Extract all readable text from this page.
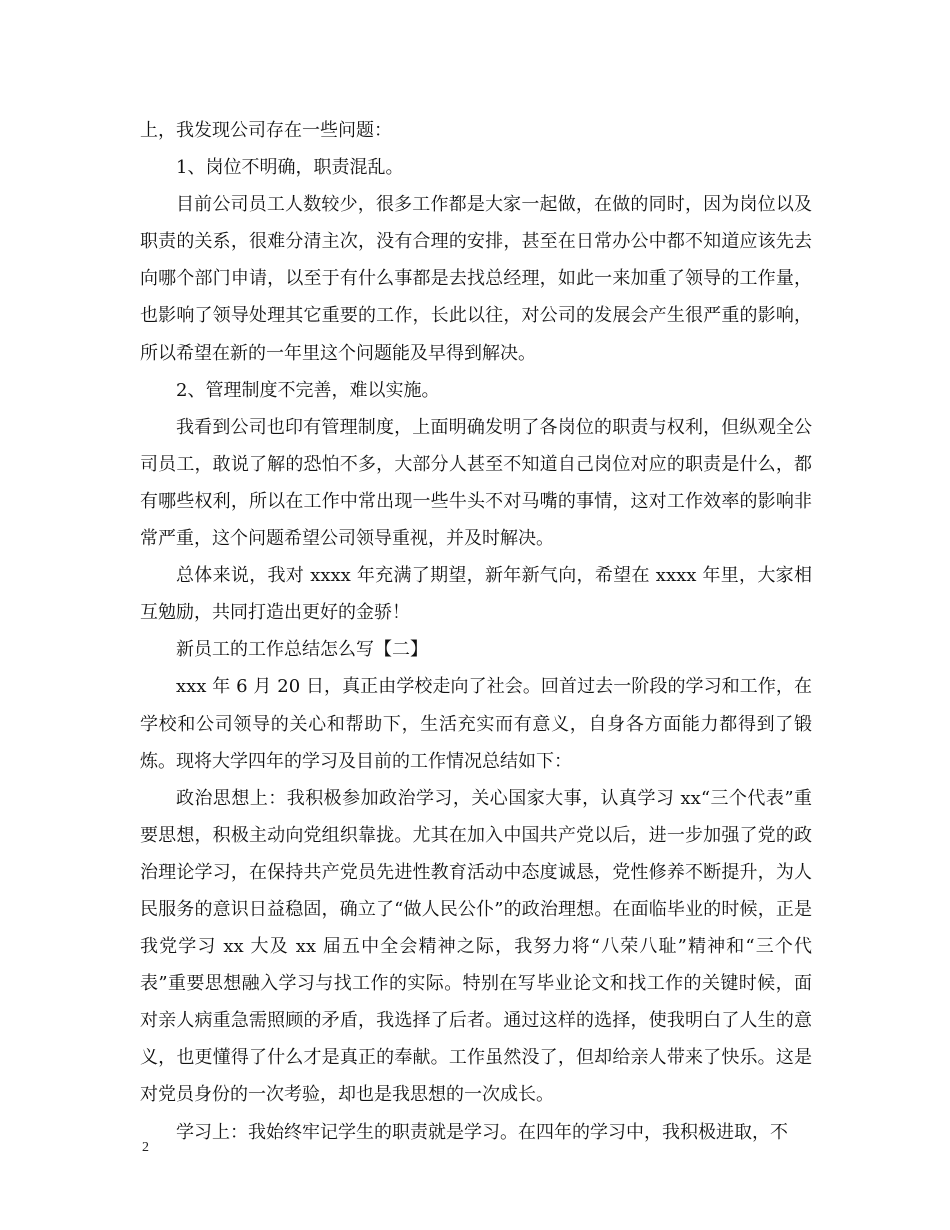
上，我发现公司存在一些问题：

1、岗位不明确，职责混乱。

目前公司员工人数较少，很多工作都是大家一起做，在做的同时，因为岗位以及职责的关系，很难分清主次，没有合理的安排，甚至在日常办公中都不知道应该先去向哪个部门申请，以至于有什么事都是去找总经理，如此一来加重了领导的工作量，也影响了领导处理其它重要的工作，长此以往，对公司的发展会产生很严重的影响，所以希望在新的一年里这个问题能及早得到解决。

2、管理制度不完善，难以实施。

我看到公司也印有管理制度，上面明确发明了各岗位的职责与权利，但纵观全公司员工，敢说了解的恐怕不多，大部分人甚至不知道自己岗位对应的职责是什么，都有哪些权利，所以在工作中常出现一些牛头不对马嘴的事情，这对工作效率的影响非常严重，这个问题希望公司领导重视，并及时解决。

总体来说，我对 xxxx 年充满了期望，新年新气向，希望在 xxxx 年里，大家相互勉励，共同打造出更好的金骄！

新员工的工作总结怎么写【二】

xxx 年 6 月 20 日，真正由学校走向了社会。回首过去一阶段的学习和工作，在学校和公司领导的关心和帮助下，生活充实而有意义，自身各方面能力都得到了锻炼。现将大学四年的学习及目前的工作情况总结如下：

政治思想上：我积极参加政治学习，关心国家大事，认真学习 xx“三个代表”重要思想，积极主动向党组织靠拢。尤其在加入中国共产党以后，进一步加强了党的政治理论学习，在保持共产党员先进性教育活动中态度诚恳，党性修养不断提升，为人民服务的意识日益稳固，确立了“做人民公仆”的政治理想。在面临毕业的时候，正是我党学习 xx 大及 xx 届五中全会精神之际，我努力将“八荣八耻”精神和“三个代表”重要思想融入学习与找工作的实际。特别在写毕业论文和找工作的关键时候，面对亲人病重急需照顾的矛盾，我选择了后者。通过这样的选择，使我明白了人生的意义，也更懂得了什么才是真正的奉献。工作虽然没了，但却给亲人带来了快乐。这是对党员身份的一次考验，却也是我思想的一次成长。

学习上：我始终牢记学生的职责就是学习。在四年的学习中，我积极进取，不

2
